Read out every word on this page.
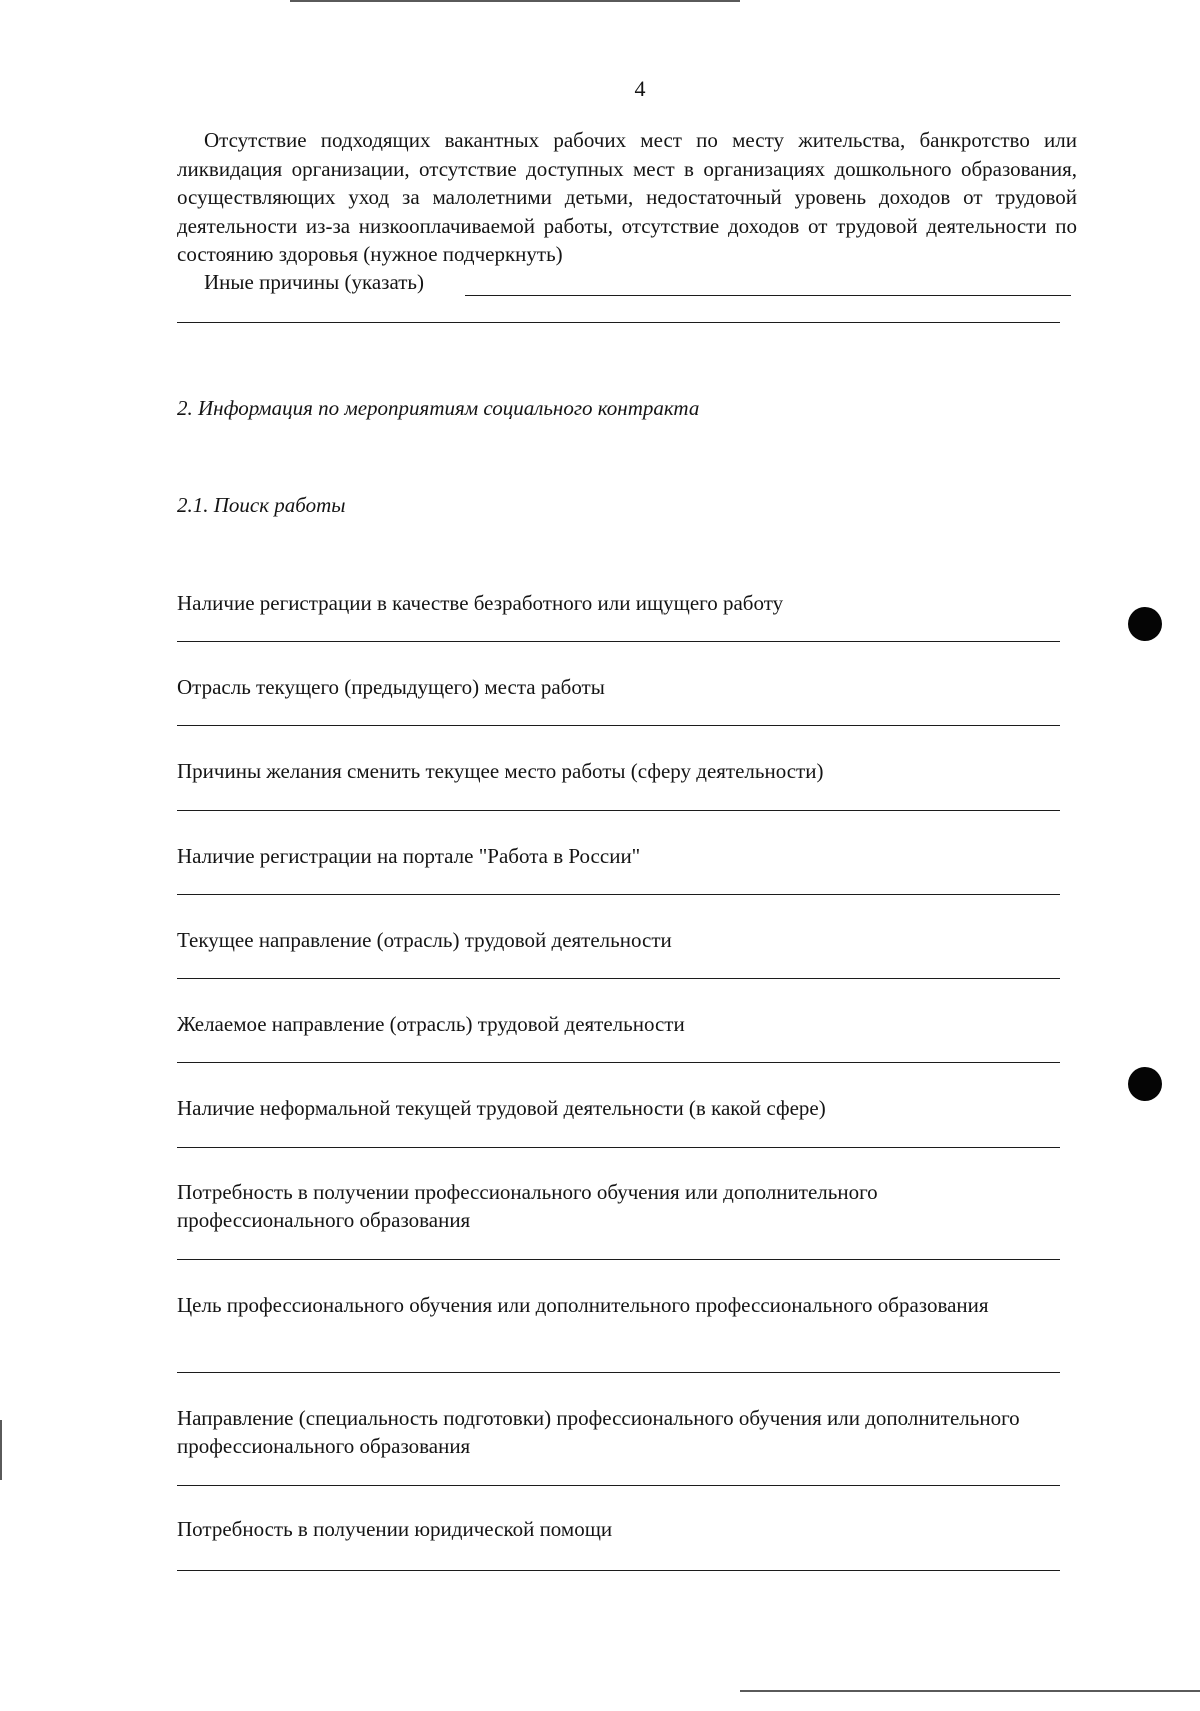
4
Отсутствие подходящих вакантных рабочих мест по месту жительства, банкротство или ликвидация организации, отсутствие доступных мест в организациях дошкольного образования, осуществляющих уход за малолетними детьми, недостаточный уровень доходов от трудовой деятельности из-за низкооплачиваемой работы, отсутствие доходов от трудовой деятельности по состоянию здоровья (нужное подчеркнуть)
Иные причины (указать)
2. Информация по мероприятиям социального контракта
2.1. Поиск работы
Наличие регистрации в качестве безработного или ищущего работу
Отрасль текущего (предыдущего) места работы
Причины желания сменить текущее место работы (сферу деятельности)
Наличие регистрации на портале "Работа в России"
Текущее направление (отрасль) трудовой деятельности
Желаемое направление (отрасль) трудовой деятельности
Наличие неформальной текущей трудовой деятельности (в какой сфере)
Потребность в получении профессионального обучения или дополнительного профессионального образования
Цель профессионального обучения или дополнительного профессионального образования
Направление (специальность подготовки) профессионального обучения или дополнительного профессионального образования
Потребность в получении юридической помощи
